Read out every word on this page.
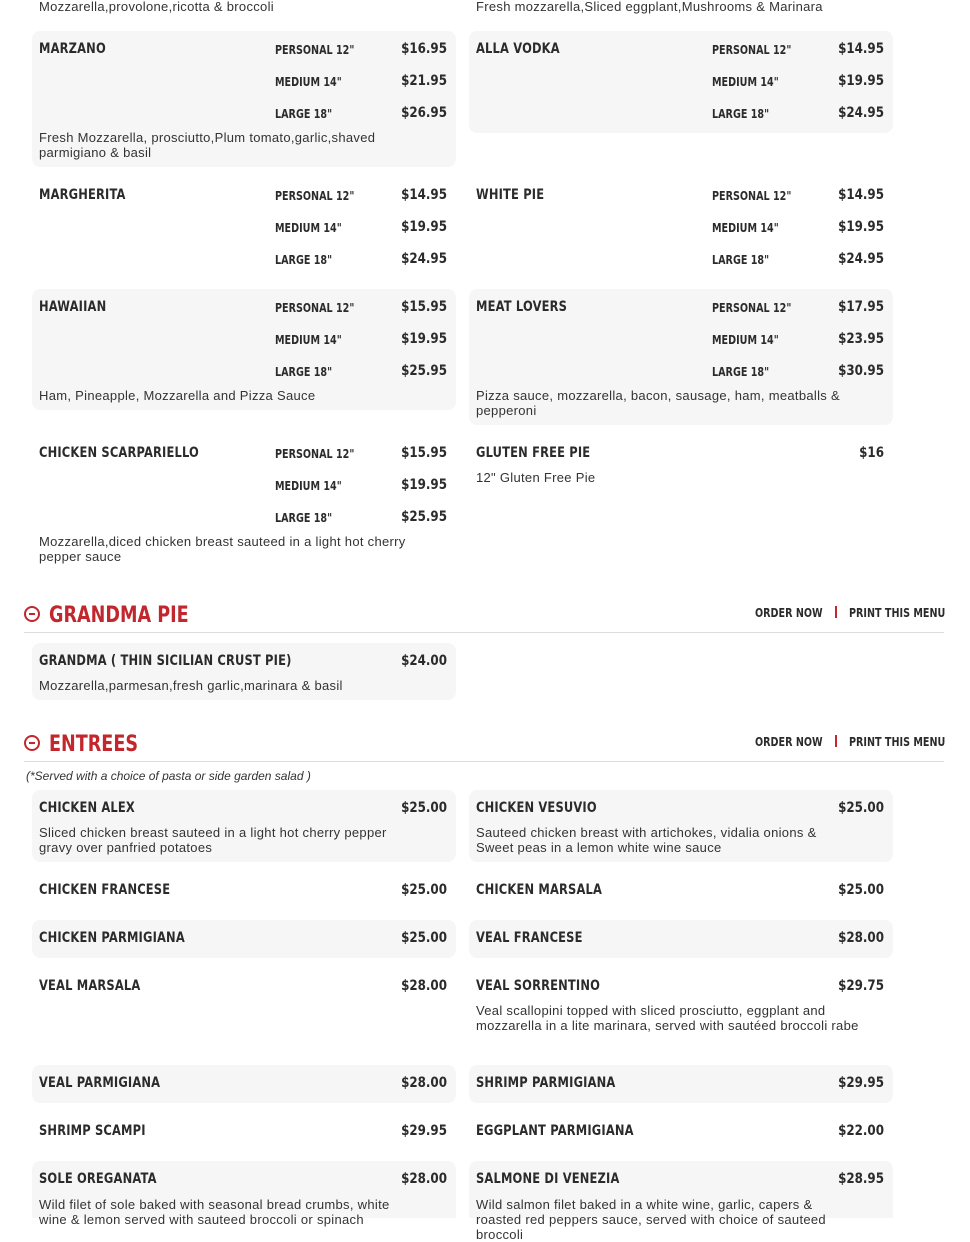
Mozzarella,provolone,ricotta & broccoli	Fresh mozzarella,Sliced eggplant,Mushrooms & Marinara
MARZANO	PERSONAL 12"	$16.95
MEDIUM 14"	$21.95
LARGE 18"	$26.95
Fresh Mozzarella, prosciutto,Plum tomato,garlic,shaved parmigiano & basil
ALLA VODKA	PERSONAL 12"	$14.95
MEDIUM 14"	$19.95
LARGE 18"	$24.95
MARGHERITA	PERSONAL 12"	$14.95
MEDIUM 14"	$19.95
LARGE 18"	$24.95
WHITE PIE	PERSONAL 12"	$14.95
MEDIUM 14"	$19.95
LARGE 18"	$24.95
HAWAIIAN	PERSONAL 12"	$15.95
MEDIUM 14"	$19.95
LARGE 18"	$25.95
Ham, Pineapple, Mozzarella and Pizza Sauce
MEAT LOVERS	PERSONAL 12"	$17.95
MEDIUM 14"	$23.95
LARGE 18"	$30.95
Pizza sauce, mozzarella, bacon, sausage, ham, meatballs & pepperoni
CHICKEN SCARPARIELLO	PERSONAL 12"	$15.95
MEDIUM 14"	$19.95
LARGE 18"	$25.95
Mozzarella,diced chicken breast sauteed in a light hot cherry pepper sauce
GLUTEN FREE PIE	$16
12" Gluten Free Pie
GRANDMA PIE	ORDER NOW PRINT THIS MENU
GRANDMA ( THIN SICILIAN CRUST PIE)	$24.00
Mozzarella,parmesan,fresh garlic,marinara & basil
ENTREES	ORDER NOW PRINT THIS MENU
(*Served with a choice of pasta or side garden salad )
CHICKEN ALEX	$25.00
Sliced chicken breast sauteed in a light hot cherry pepper gravy over panfried potatoes
CHICKEN VESUVIO	$25.00
Sauteed chicken breast with artichokes, vidalia onions & Sweet peas in a lemon white wine sauce
CHICKEN FRANCESE	$25.00 CHICKEN MARSALA	$25.00
CHICKEN PARMIGIANA	$25.00 VEAL FRANCESE	$28.00
VEAL MARSALA	$28.00 VEAL SORRENTINO	$29.75
Veal scallopini topped with sliced prosciutto, eggplant and mozzarella in a lite marinara, served with sautéed broccoli rabe
VEAL PARMIGIANA	$28.00 SHRIMP PARMIGIANA	$29.95
SHRIMP SCAMPI	$29.95 EGGPLANT PARMIGIANA	$22.00
SOLE OREGANATA	$28.00
Wild filet of sole baked with seasonal bread crumbs, white wine & lemon served with sauteed broccoli or spinach
SALMONE DI VENEZIA	$28.95
Wild salmon filet baked in a white wine, garlic, capers & roasted red peppers sauce, served with choice of sauteed broccoli
